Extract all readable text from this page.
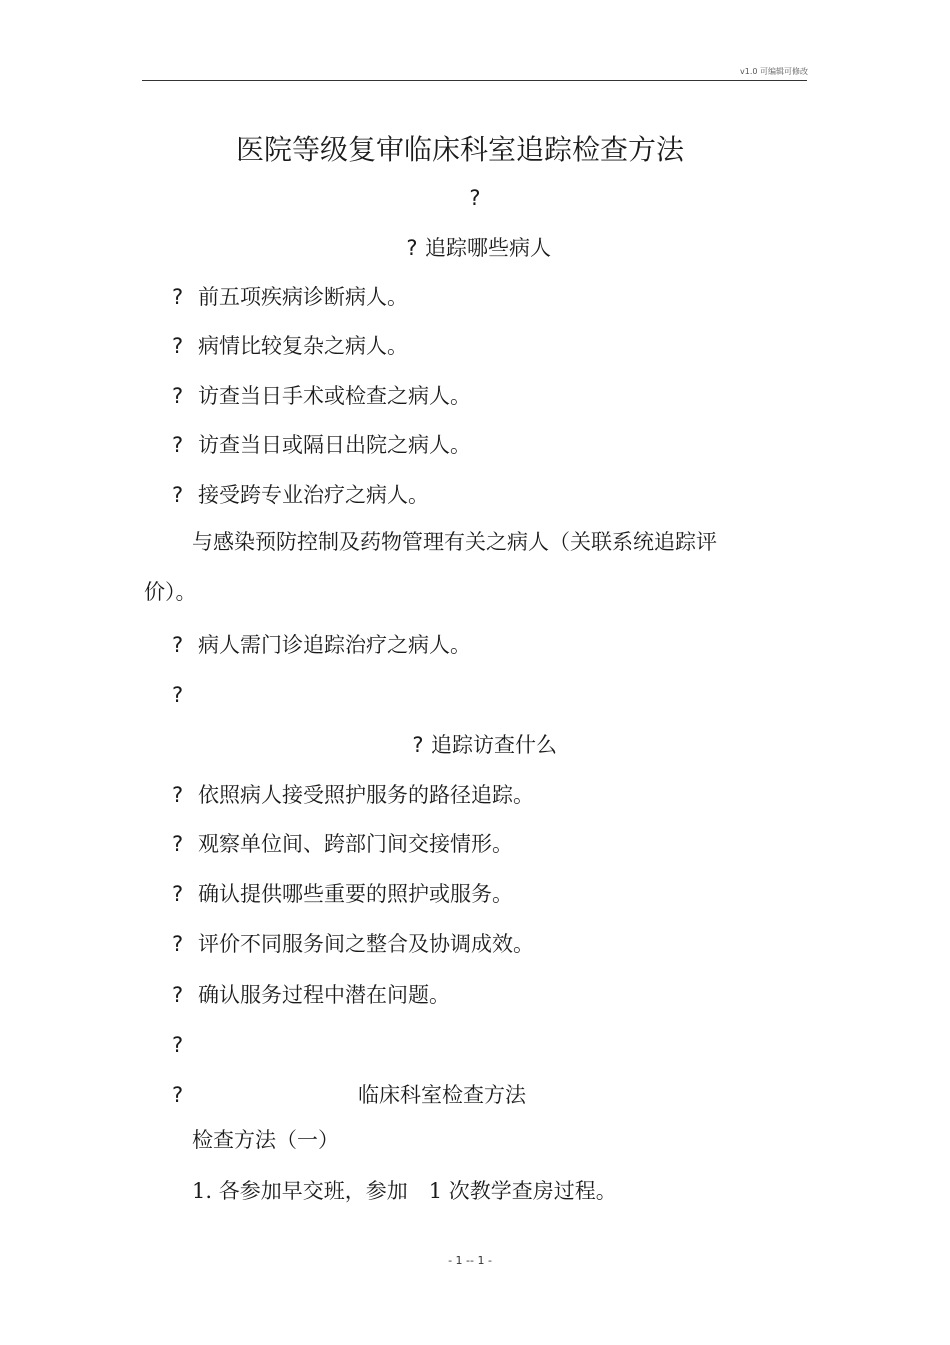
v1.0 可编辑可修改
医院等级复审临床科室追踪检查方法
?
? 追踪哪些病人
? 前五项疾病诊断病人。
? 病情比较复杂之病人。
? 访查当日手术或检查之病人。
? 访查当日或隔日出院之病人。
? 接受跨专业治疗之病人。
与感染预防控制及药物管理有关之病人（关联系统追踪评
价）。
? 病人需门诊追踪治疗之病人。
?
? 追踪访查什么
? 依照病人接受照护服务的路径追踪。
? 观察单位间、跨部门间交接情形。
? 确认提供哪些重要的照护或服务。
? 评价不同服务间之整合及协调成效。
? 确认服务过程中潜在问题。
?
?	临床科室检查方法
检查方法（一）
1. 各参加早交班，参加　1 次教学查房过程。
- 1 -- 1 -
